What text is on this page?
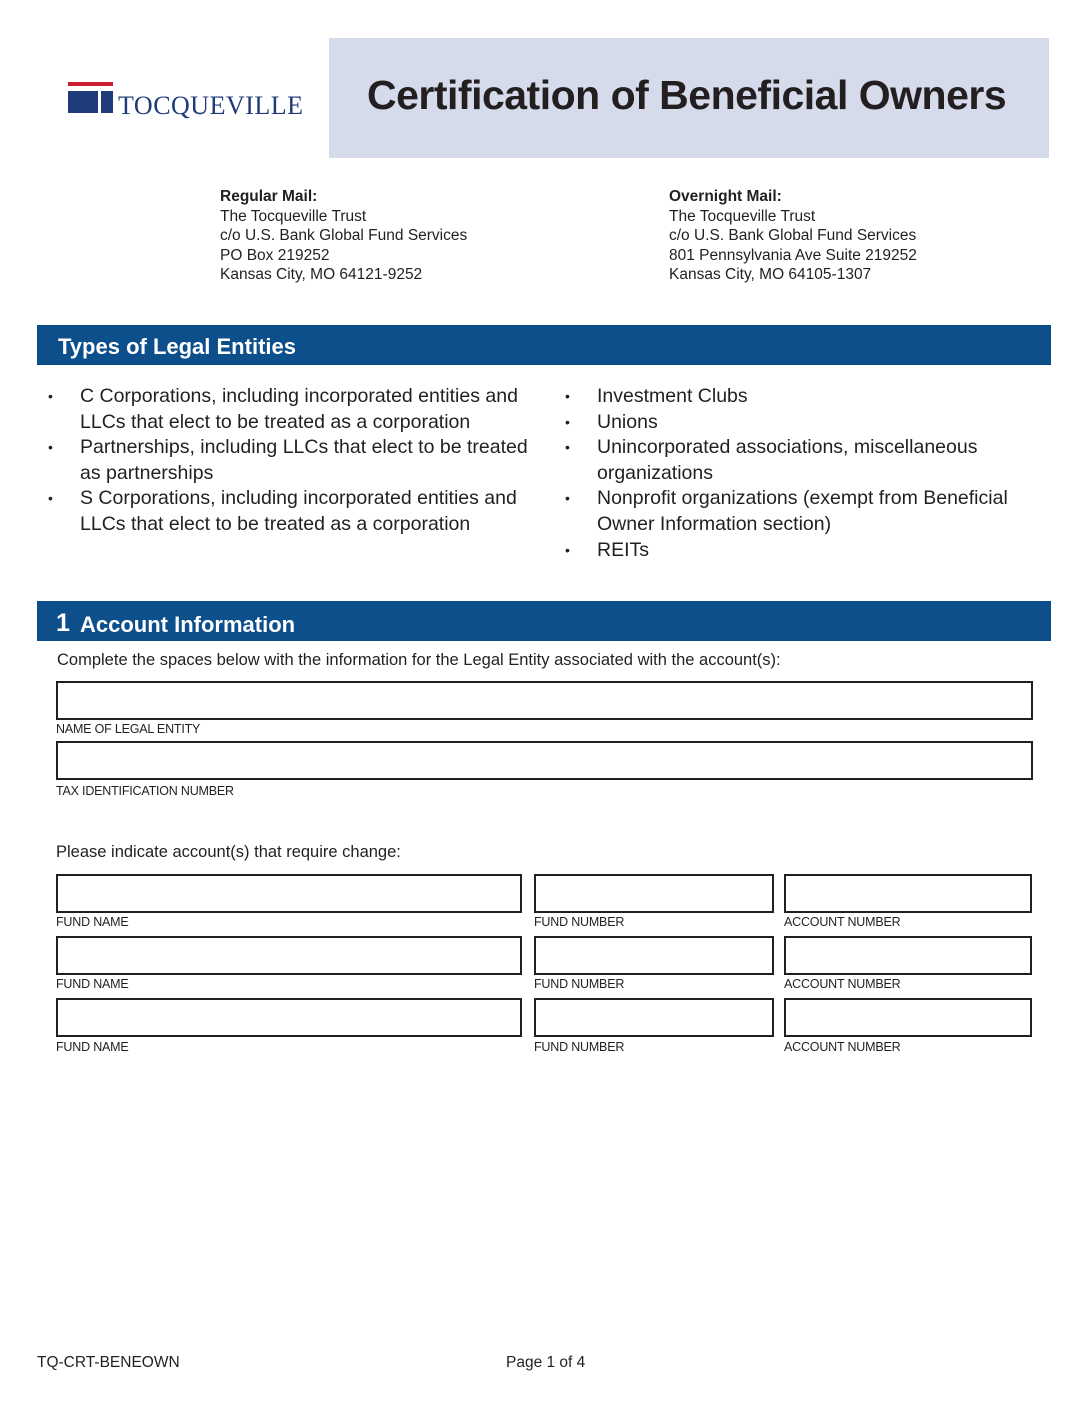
TOCQUEVILLE Certification of Beneficial Owners
Regular Mail:
The Tocqueville Trust
c/o U.S. Bank Global Fund Services
PO Box 219252
Kansas City, MO 64121-9252
Overnight Mail:
The Tocqueville Trust
c/o U.S. Bank Global Fund Services
801 Pennsylvania Ave Suite 219252
Kansas City, MO 64105-1307
Types of Legal Entities
• C Corporations, including incorporated entities and LLCs that elect to be treated as a corporation
• Partnerships, including LLCs that elect to be treated as partnerships
• S Corporations, including incorporated entities and LLCs that elect to be treated as a corporation
• Investment Clubs
• Unions
• Unincorporated associations, miscellaneous organizations
• Nonprofit organizations (exempt from Beneficial Owner Information section)
• REITs
1 Account Information
Complete the spaces below with the information for the Legal Entity associated with the account(s):
NAME OF LEGAL ENTITY
TAX IDENTIFICATION NUMBER
Please indicate account(s) that require change:
FUND NAME	FUND NUMBER	ACCOUNT NUMBER
FUND NAME	FUND NUMBER	ACCOUNT NUMBER
FUND NAME	FUND NUMBER	ACCOUNT NUMBER
TQ-CRT-BENEOWN	Page 1 of 4
